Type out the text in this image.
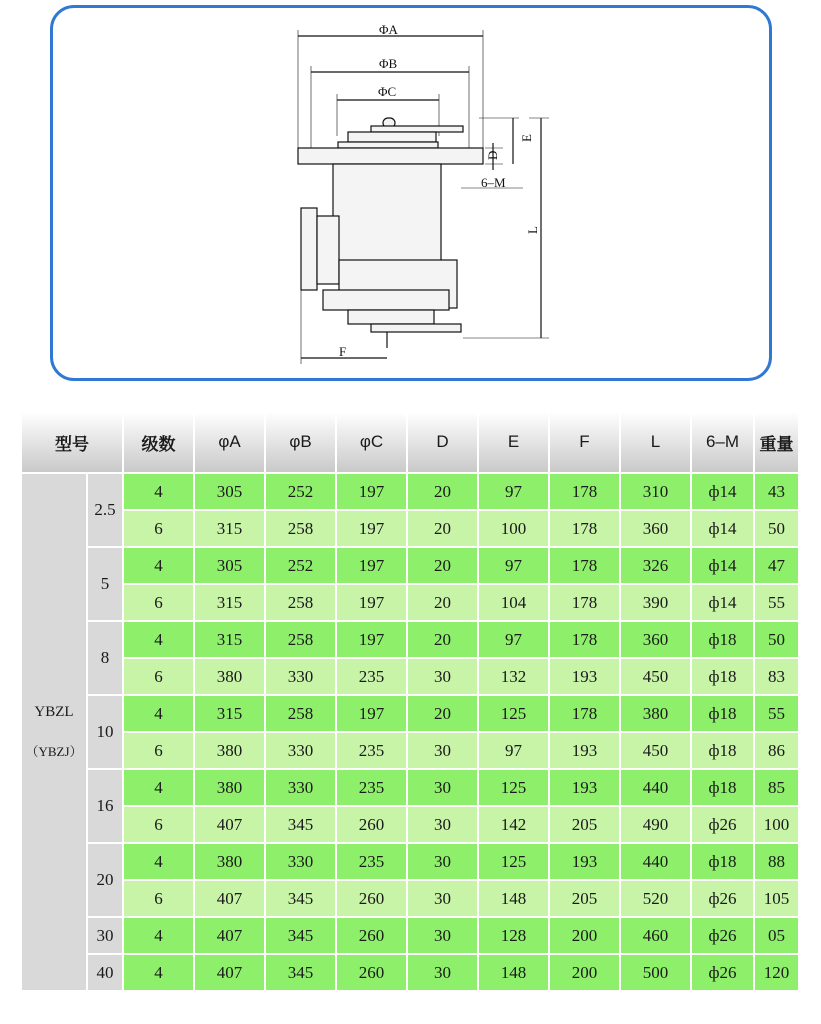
ΦA
ΦB
ΦC
E
D
6–M
L
F
型号		级数	φA	φB	φC	D	E	F	L	6–M	重量

YBZL
（YBZJ）	2.5	4	305	252	197	20	97	178	310	ф14	43
		6	315	258	197	20	100	178	360	ф14	50
	5	4	305	252	197	20	97	178	326	ф14	47
		6	315	258	197	20	104	178	390	ф14	55
	8	4	315	258	197	20	97	178	360	ф18	50
		6	380	330	235	30	132	193	450	ф18	83
	10	4	315	258	197	20	125	178	380	ф18	55
		6	380	330	235	30	97	193	450	ф18	86
	16	4	380	330	235	30	125	193	440	ф18	85
		6	407	345	260	30	142	205	490	ф26	100
	20	4	380	330	235	30	125	193	440	ф18	88
		6	407	345	260	30	148	205	520	ф26	105
	30	4	407	345	260	30	128	200	460	ф26	05
	40	4	407	345	260	30	148	200	500	ф26	120
